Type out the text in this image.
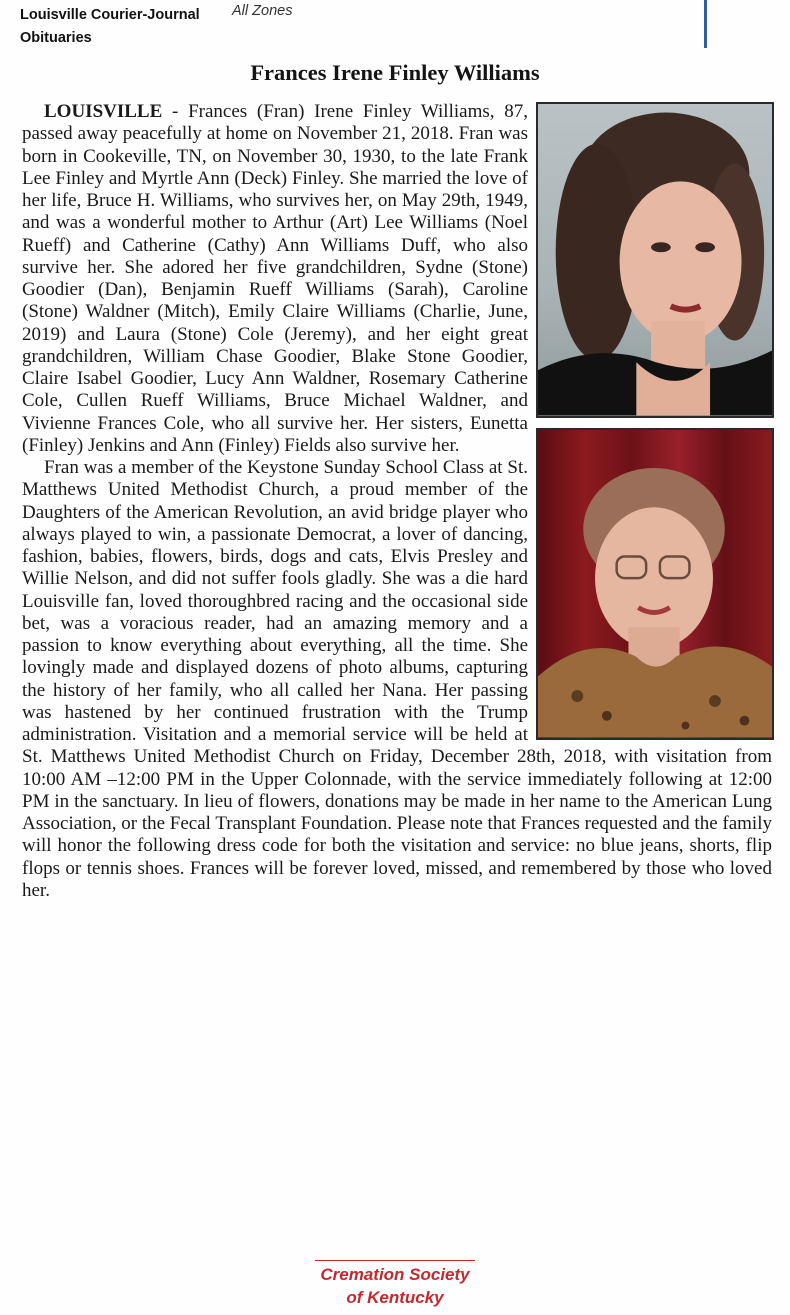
Louisville Courier-Journal Obituaries
All Zones
Frances Irene Finley Williams

LOUISVILLE - Frances (Fran) Irene Finley Williams, 87, passed away peacefully at home on November 21, 2018. Fran was born in Cookeville, TN, on November 30, 1930, to the late Frank Lee Finley and Myrtle Ann (Deck) Finley. She married the love of her life, Bruce H. Williams, who survives her, on May 29th, 1949, and was a wonderful mother to Arthur (Art) Lee Williams (Noel Rueff) and Catherine (Cathy) Ann Williams Duff, who also survive her. She adored her five grandchildren, Sydne (Stone) Goodier (Dan), Benjamin Rueff Williams (Sarah), Caroline (Stone) Waldner (Mitch), Emily Claire Williams (Charlie, June, 2019) and Laura (Stone) Cole (Jeremy), and her eight great grandchildren, William Chase Goodier, Blake Stone Goodier, Claire Isabel Goodier, Lucy Ann Waldner, Rosemary Catherine Cole, Cullen Rueff Williams, Bruce Michael Waldner, and Vivienne Frances Cole, who all survive her. Her sisters, Eunetta (Finley) Jenkins and Ann (Finley) Fields also survive her.

Fran was a member of the Keystone Sunday School Class at St. Matthews United Methodist Church, a proud member of the Daughters of the American Revolution, an avid bridge player who always played to win, a passionate Democrat, a lover of dancing, fashion, babies, flowers, birds, dogs and cats, Elvis Presley and Willie Nelson, and did not suffer fools gladly. She was a die hard Louisville fan, loved thoroughbred racing and the occasional side bet, was a voracious reader, had an amazing memory and a passion to know everything about everything, all the time. She lovingly made and displayed dozens of photo albums, capturing the history of her family, who all called her Nana. Her passing was hastened by her continued frustration with the Trump administration. Visitation and a memorial service will be held at St. Matthews United Methodist Church on Friday, December 28th, 2018, with visitation from 10:00 AM –12:00 PM in the Upper Colonnade, with the service immediately following at 12:00 PM in the sanctuary. In lieu of flowers, donations may be made in her name to the American Lung Association, or the Fecal Transplant Foundation. Please note that Frances requested and the family will honor the following dress code for both the visitation and service: no blue jeans, shorts, flip flops or tennis shoes. Frances will be forever loved, missed, and remembered by those who loved her.

Cremation Society
of Kentucky
